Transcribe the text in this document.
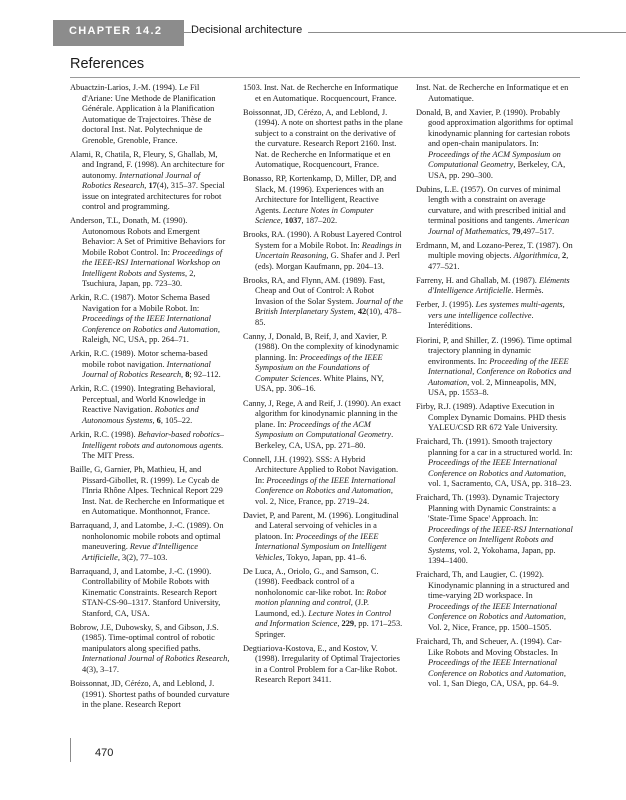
CHAPTER 14.2	Decisional architecture
References

Abuactzin-Larios, J.-M. (1994). Le Fil d'Ariane: Une Methode de Planification Générale. Application à la Planification Automatique de Trajectoires. Thèse de doctoral Inst. Nat. Polytechnique de Grenoble, Grenoble, France.

Alami, R, Chatila, R, Fleury, S, Ghallab, M, and Ingrand, F. (1998). An architecture for autonomy. International Journal of Robotics Research, 17(4), 315–37. Special issue on integrated architectures for robot control and programming.

Anderson, T.L, Donath, M. (1990). Autonomous Robots and Emergent Behavior: A Set of Primitive Behaviors for Mobile Robot Control. In: Proceedings of the IEEE-RSJ International Workshop on Intelligent Robots and Systems, 2, Tsuchiura, Japan, pp. 723–30.

Arkin, R.C. (1987). Motor Schema Based Navigation for a Mobile Robot. In: Proceedings of the IEEE International Conference on Robotics and Automation, Raleigh, NC, USA, pp. 264–71.

Arkin, R.C. (1989). Motor schema-based mobile robot navigation. International Journal of Robotics Research, 8; 92–112.

Arkin, R.C. (1990). Integrating Behavioral, Perceptual, and World Knowledge in Reactive Navigation. Robotics and Autonomous Systems, 6, 105–22.

Arkin, R.C. (1998). Behavior-based robotics–Intelligent robots and autonomous agents. The MIT Press.

Baille, G, Garnier, Ph, Mathieu, H, and Pissard-Gibollet, R. (1999). Le Cycab de l'Inria Rhône Alpes. Technical Report 229 Inst. Nat. de Recherche en Informatique et en Automatique. Monthonnot, France.

Barraquand, J, and Latombe, J.-C. (1989). On nonholonomic mobile robots and optimal maneuvering. Revue d'Intelligence Artificielle, 3(2), 77–103.

Barraquand, J, and Latombe, J.-C. (1990). Controllability of Mobile Robots with Kinematic Constraints. Research Report STAN-CS-90–1317. Stanford University, Stanford, CA, USA.

Bobrow, J.E, Dubowsky, S, and Gibson, J.S. (1985). Time-optimal control of robotic manipulators along specified paths. International Journal of Robotics Research, 4(3), 3–17.

Boissonnat, JD, Cérézo, A, and Leblond, J. (1991). Shortest paths of bounded curvature in the plane. Research Report

1503. Inst. Nat. de Recherche en Informatique et en Automatique. Rocquencourt, France.

Boissonnat, JD, Cérézo, A, and Leblond, J. (1994). A note on shortest paths in the plane subject to a constraint on the derivative of the curvature. Research Report 2160. Inst. Nat. de Recherche en Informatique et en Automatique, Rocquencourt, France.

Bonasso, RP, Kortenkamp, D, Miller, DP, and Slack, M. (1996). Experiences with an Architecture for Intelligent, Reactive Agents. Lecture Notes in Computer Science, 1037, 187–202.

Brooks, RA. (1990). A Robust Layered Control System for a Mobile Robot. In: Readings in Uncertain Reasoning, G. Shafer and J. Perl (eds). Morgan Kaufmann, pp. 204–13.

Brooks, RA, and Flynn, AM. (1989). Fast, Cheap and Out of Control: A Robot Invasion of the Solar System. Journal of the British Interplanetary System, 42(10), 478–85.

Canny, J, Donald, B, Reif, J, and Xavier, P. (1988). On the complexity of kinodynamic planning. In: Proceedings of the IEEE Symposium on the Foundations of Computer Sciences. White Plains, NY, USA, pp. 306–16.

Canny, J, Rege, A and Reif, J. (1990). An exact algorithm for kinodynamic planning in the plane. In: Proceedings of the ACM Symposium on Computational Geometry. Berkeley, CA, USA, pp. 271–80.

Connell, J.H. (1992). SSS: A Hybrid Architecture Applied to Robot Navigation. In: Proceedings of the IEEE International Conference on Robotics and Automation, vol. 2, Nice, France, pp. 2719–24.

Daviet, P, and Parent, M. (1996). Longitudinal and Lateral servoing of vehicles in a platoon. In: Proceedings of the IEEE International Symposium on Intelligent Vehicles, Tokyo, Japan, pp. 41–6.

De Luca, A., Oriolo, G., and Samson, C. (1998). Feedback control of a nonholonomic car-like robot. In: Robot motion planning and control, (J.P. Laumond, ed.). Lecture Notes in Control and Information Science, 229, pp. 171–253. Springer.

Degtiariova-Kostova, E., and Kostov, V. (1998). Irregularity of Optimal Trajectories in a Control Problem for a Car-like Robot. Research Report 3411.

Inst. Nat. de Recherche en Informatique et en Automatique.

Donald, B, and Xavier, P. (1990). Probably good approximation algorithms for optimal kinodynamic planning for cartesian robots and open-chain manipulators. In: Proceedings of the ACM Symposium on Computational Geometry, Berkeley, CA, USA, pp. 290–300.

Dubins, L.E. (1957). On curves of minimal length with a constraint on average curvature, and with prescribed initial and terminal positions and tangents. American Journal of Mathematics, 79,497–517.

Erdmann, M, and Lozano-Perez, T. (1987). On multiple moving objects. Algorithmica, 2, 477–521.

Farreny, H. and Ghallab, M. (1987). Eléments d'Intelligence Artificielle. Hermès.

Ferber, J. (1995). Les systemes multi-agents, vers une intelligence collective. Interéditions.

Fiorini, P, and Shiller, Z. (1996). Time optimal trajectory planning in dynamic environments. In: Proceeding of the IEEE International, Conference on Robotics and Automation, vol. 2, Minneapolis, MN, USA, pp. 1553–8.

Firby, R.J. (1989). Adaptive Execution in Complex Dynamic Domains. PHD thesis YALEU/CSD RR 672 Yale University.

Fraichard, Th. (1991). Smooth trajectory planning for a car in a structured world. In: Proceedings of the IEEE International Conference on Robotics and Automation, vol. 1, Sacramento, CA, USA, pp. 318–23.

Fraichard, Th. (1993). Dynamic Trajectory Planning with Dynamic Constraints: a 'State-Time Space' Approach. In: Proceedings of the IEEE-RSJ International Conference on Intelligent Robots and Systems, vol. 2, Yokohama, Japan, pp. 1394–1400.

Fraichard, Th, and Laugier, C. (1992). Kinodynamic planning in a structured and time-varying 2D workspace. In Proceedings of the IEEE International Conference on Robotics and Automation, Vol. 2, Nice, France, pp. 1500–1505.

Fraichard, Th, and Scheuer, A. (1994). Car-Like Robots and Moving Obstacles. In Proceedings of the IEEE International Conference on Robotics and Automation, vol. 1, San Diego, CA, USA, pp. 64–9.

470
